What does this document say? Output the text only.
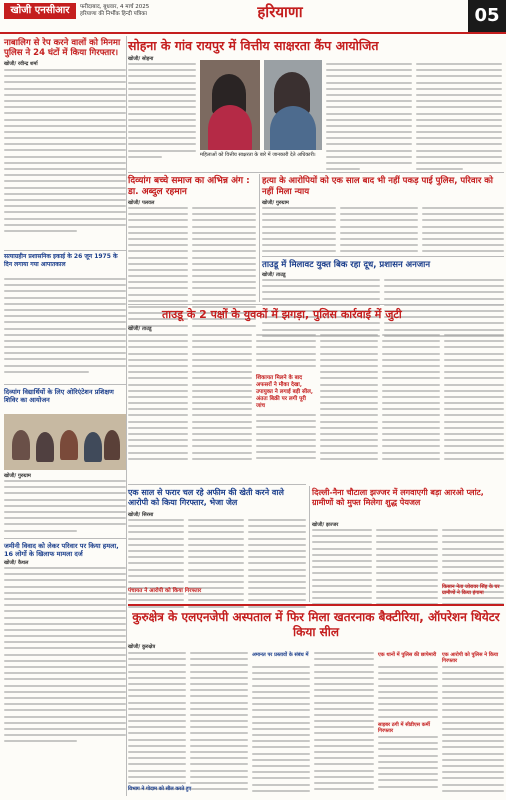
खोजी एनसीआर	फरीदाबाद, बुधवार, 4 मार्च 2025
हरियाणा की निर्भीक हिन्दी पत्रिका	हरियाणा	05
नाबालिग से रेप करने वालों को मिनमा पुलिस ने 24 घंटों में किया गिरफ्तार।
खोजी/ रवीन्द्र शर्मा
सत्याग्रहीन प्रशासनिक इकाई के 26 जून 1975 के दिन लगाया गया आपातकाल
सोहना के गांव रायपुर में वित्तीय साक्षरता कैंप आयोजित
खोजी/ सोहना
महिलाओं को वित्तीय साक्षरता के बारे में जानकारी देते अधिकारी।
दिव्यांग बच्चे समाज का अभिन्न अंग : डा. अब्दुल रहमान
खोजी/ पलवल
हत्या के आरोपियों को एक साल बाद भी नहीं पकड़ पाई पुलिस, परिवार को नहीं मिला न्याय
खोजी/ गुरुग्राम
ताउडू में मिलावट युक्त बिक रहा दूध, प्रशासन अनजान
खोजी/ ताउडू
दिव्यांग विद्यार्थियों के लिए ओरिएंटेशन प्रशिक्षण शिविर का आयोजन
खोजी/ गुरुग्राम
ताउडू के 2 पक्षों के युवकों में झगड़ा, पुलिस कार्रवाई में जुटी
खोजी/ ताउडू
शिकायत मिलने के बाद अफसरों ने मौका देखा, उपायुक्त ने लगाई बड़ी सील, अंततः बिक्री पर लगी पूरी जांच
जमीनी विवाद को लेकर परिवार पर किया हमला, 16 लोगों के खिलाफ मामला दर्ज
खोजी/ कैथल
एक साल से फरार चल रहे अफीम की खेती करने वाले आरोपी को किया गिरफ्तार, भेजा जेल
खोजी/ सिरसा
पंचायत ने आरोपी को किया गिरफ्तार
दिल्ली-नैना चौटाला झज्जर में लगवाएगी बड़ा आरओ प्लांट, ग्रामीणों को मुफ्त मिलेगा शुद्ध पेयजल
खोजी/ झज्जर
किसान नेता जोरावर सिंह के घर ग्रामीणों ने किया हंगामा
कुरुक्षेत्र के एलएनजेपी अस्पताल में फिर मिला खतरनाक बैक्टीरिया, ऑपरेशन थियेटर किया सील
खोजी/ कुरुक्षेत्र
अमानत पर प्रस्तावों के संबंध में	एक थानों में पुलिस की छापेमारी
साइबर ठगी में सीडीएस कर्मी गिरफ्तार
एक आरोपी को पुलिस ने किया गिरफ्तार
विभाग ने गोदाम को सील करते हुए
